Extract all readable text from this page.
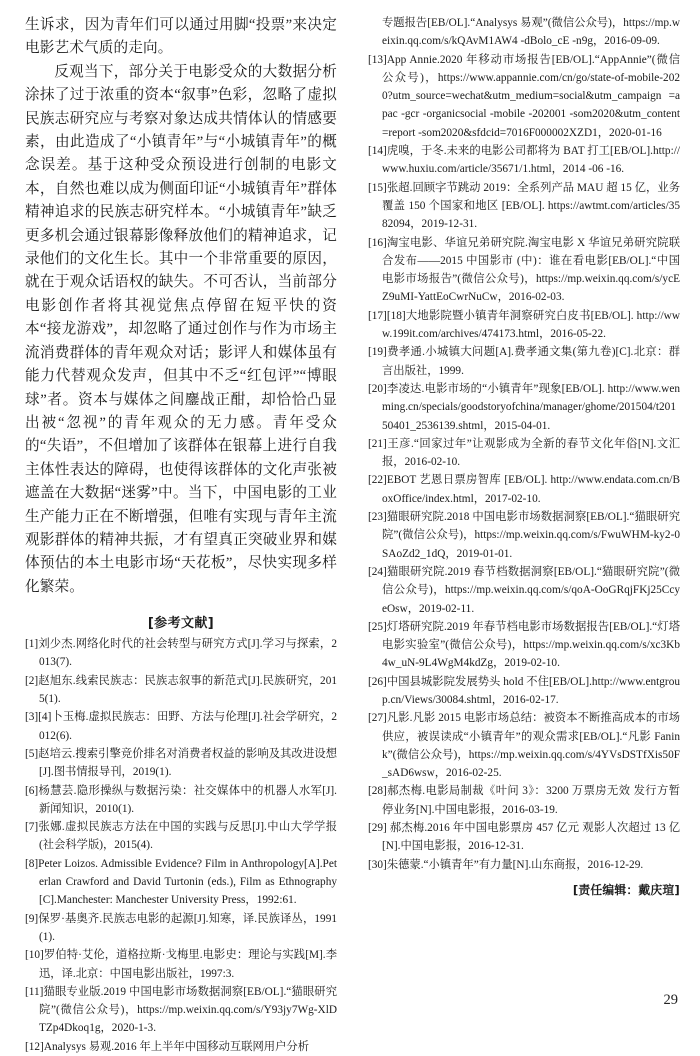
生诉求，因为青年们可以通过用脚“投票”来决定电影艺术气质的走向。

反观当下，部分关于电影受众的大数据分析涂抹了过于浓重的资本“叙事”色彩，忽略了虚拟民族志研究应与考察对象达成共情体认的情感要素，由此造成了“小镇青年”与“小城镇青年”的概念误差。基于这种受众预设进行创制的电影文本，自然也难以成为侧面印证“小城镇青年”群体精神追求的民族志研究样本。“小城镇青年”缺乏更多机会通过银幕影像释放他们的精神追求，记录他们的文化生长。其中一个非常重要的原因，就在于观众话语权的缺失。不可否认，当前部分电影创作者将其视觉焦点停留在短平快的资本“接龙游戏”，却忽略了通过创作与作为市场主流消费群体的青年观众对话；影评人和媒体虽有能力代替观众发声，但其中不乏“红包评”“博眼球”者。资本与媒体之间鏖战正酣，却恰恰凸显出被“忽视”的青年观众的无力感。青年受众的“失语”，不但增加了该群体在银幕上进行自我主体性表达的障碍，也使得该群体的文化声张被遮盖在大数据“迷雾”中。当下，中国电影的工业生产能力正在不断增强，但唯有实现与青年主流观影群体的精神共振，才有望真正突破业界和媒体预估的本土电影市场“天花板”，尽快实现多样化繁荣。

[参考文献]
[1]刘少杰.网络化时代的社会转型与研究方式[J].学习与探索，2013(7).
[2]赵旭东.线索民族志：民族志叙事的新范式[J].民族研究，2015(1).
[3][4]卜玉梅.虚拟民族志：田野、方法与伦理[J].社会学研究，2012(6).
[5]赵培云.搜索引擎竞价排名对消费者权益的影响及其改进设想[J].图书情报导刊，2019(1).
[6]杨慧芸.隐形操纵与数据污染：社交媒体中的机器人水军[J].新闻知识，2010(1).
[7]张娜.虚拟民族志方法在中国的实践与反思[J].中山大学学报(社会科学版)，2015(4).
[8]Peter Loizos. Admissible Evidence? Film in Anthropology[A].Peterlan Crawford and David Turtonin (eds.), Film as Ethnography[C].Manchester: Manchester University Press，1992:61.
[9]保罗·基奥齐.民族志电影的起源[J].知寒，译.民族译丛，1991(1).
[10]罗伯特·艾伦，道格拉斯·戈梅里.电影史：理论与实践[M].李迅，译.北京：中国电影出版社，1997:3.
[11]猫眼专业版.2019 中国电影市场数据洞察[EB/OL].“猫眼研究院”(微信公众号)，https://mp.weixin.qq.com/s/Y93jy7Wg-XlDTZp4Dkoq1g，2020-1-3.
[12]Analysys 易观.2016 年上半年中国移动互联网用户分析

专题报告[EB/OL].“Analysys 易观”(微信公众号)，https://mp.weixin.qq.com/s/kQAvM1AW4 -dBolo_cE -n9g，2016-09-09.

[13]App Annie.2020 年移动市场报告[EB/OL].“AppAnnie”(微信公众号)，https://www.appannie.com/cn/go/state-of-mobile-2020?utm_source=wechat&utm_medium=social&utm_campaign =apac -gcr -organicsocial -mobile -202001 -som2020&utm_content =report -som2020&sfdcid=7016F000002XZD1，2020-01-16
[14]虎嗅，于冬.未来的电影公司都将为 BAT 打工[EB/OL].http://www.huxiu.com/article/35671/1.html，2014 -06 -16.
[15]张超.回顾字节跳动 2019：全系列产品 MAU 超 15 亿，业务覆盖 150 个国家和地区 [EB/OL]. https://awtmt.com/articles/3582094，2019-12-31.
[16]淘宝电影、华谊兄弟研究院.淘宝电影 X 华谊兄弟研究院联合发布——2015 中国影市 (中)：谁在看电影[EB/OL].“中国电影市场报告”(微信公众号)，https://mp.weixin.qq.com/s/ycEZ9uMI-YattEoCwrNuCw，2016-02-03.
[17][18]大地影院暨小镇青年洞察研究白皮书[EB/OL]. http://www.199it.com/archives/474173.html，2016-05-22.
[19]费孝通.小城镇大问题[A].费孝通文集(第九卷)[C].北京：群言出版社，1999.
[20]李凌达.电影市场的“小镇青年”现象[EB/OL]. http://www.wenming.cn/specials/goodstoryofchina/manager/ghome/201504/t20150401_2536139.shtml，2015-04-01.
[21]王彦.“回家过年”让观影成为全新的春节文化年俗[N].文汇报，2016-02-10.
[22]EBOT 艺恩日票房智库 [EB/OL]. http://www.endata.com.cn/BoxOffice/index.html，2017-02-10.
[23]猫眼研究院.2018 中国电影市场数据洞察[EB/OL].“猫眼研究院”(微信公众号)，https://mp.weixin.qq.com/s/FwuWHM-ky2-0SAoZd2_1dQ，2019-01-01.
[24]猫眼研究院.2019 春节档数据洞察[EB/OL].“猫眼研究院”(微信公众号)，https://mp.weixin.qq.com/s/qoA-OoGRqjFKj25CcyeOsw，2019-02-11.
[25]灯塔研究院.2019 年春节档电影市场数据报告[EB/OL].“灯塔电影实验室”(微信公众号)，https://mp.weixin.qq.com/s/xc3Kb4w_uN-9L4WgM4kdZg，2019-02-10.
[26]中国县城影院发展势头 hold 不住[EB/OL].http://www.entgroup.cn/Views/30084.shtml，2016-02-17.
[27]凡影.凡影 2015 电影市场总结：被资本不断推高成本的市场供应，被误读成“小镇青年”的观众需求[EB/OL].“凡影 Fanink”(微信公众号)，https://mp.weixin.qq.com/s/4YVsDSTfXis50F_sAD6wsw，2016-02-25.
[28]郝杰梅.电影局制裁《叶问 3》：3200 万票房无效 发行方暂停业务[N].中国电影报，2016-03-19.
[29] 郝杰梅.2016 年中国电影票房 457 亿元 观影人次超过 13 亿[N].中国电影报，2016-12-31.
[30]朱德蒙.“小镇青年”有力量[N].山东商报，2016-12-29.
[责任编辑：戴庆瑄]
29
